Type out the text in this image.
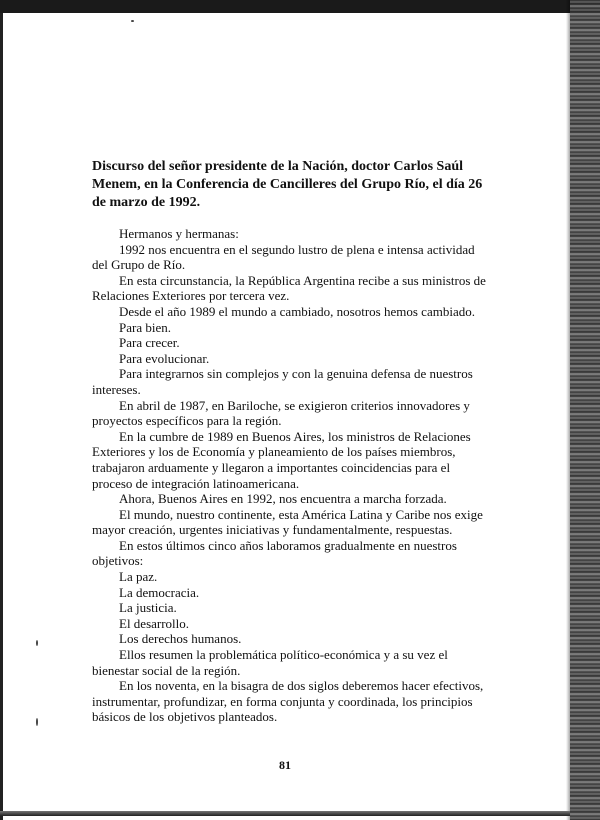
Discurso del señor presidente de la Nación, doctor Carlos Saúl Menem, en la Conferencia de Cancilleres del Grupo Río, el día 26 de marzo de 1992.

Hermanos y hermanas:

1992 nos encuentra en el segundo lustro de plena e intensa actividad del Grupo de Río.

En esta circunstancia, la República Argentina recibe a sus ministros de Relaciones Exteriores por tercera vez.

Desde el año 1989 el mundo a cambiado, nosotros hemos cambiado.

Para bien.

Para crecer.

Para evolucionar.

Para integrarnos sin complejos y con la genuina defensa de nuestros intereses.

En abril de 1987, en Bariloche, se exigieron criterios innovadores y proyectos específicos para la región.

En la cumbre de 1989 en Buenos Aires, los ministros de Relaciones Exteriores y los de Economía y planeamiento de los países miembros, trabajaron arduamente y llegaron a importantes coincidencias para el proceso de integración latinoamericana.

Ahora, Buenos Aires en 1992, nos encuentra a marcha forzada.

El mundo, nuestro continente, esta América Latina y Caribe nos exige mayor creación, urgentes iniciativas y fundamentalmente, respuestas.

En estos últimos cinco años laboramos gradualmente en nuestros objetivos:

La paz.

La democracia.

La justicia.

El desarrollo.

Los derechos humanos.

Ellos resumen la problemática político-económica y a su vez el bienestar social de la región.

En los noventa, en la bisagra de dos siglos deberemos hacer efectivos, instrumentar, profundizar, en forma conjunta y coordinada, los principios básicos de los objetivos planteados.

81
